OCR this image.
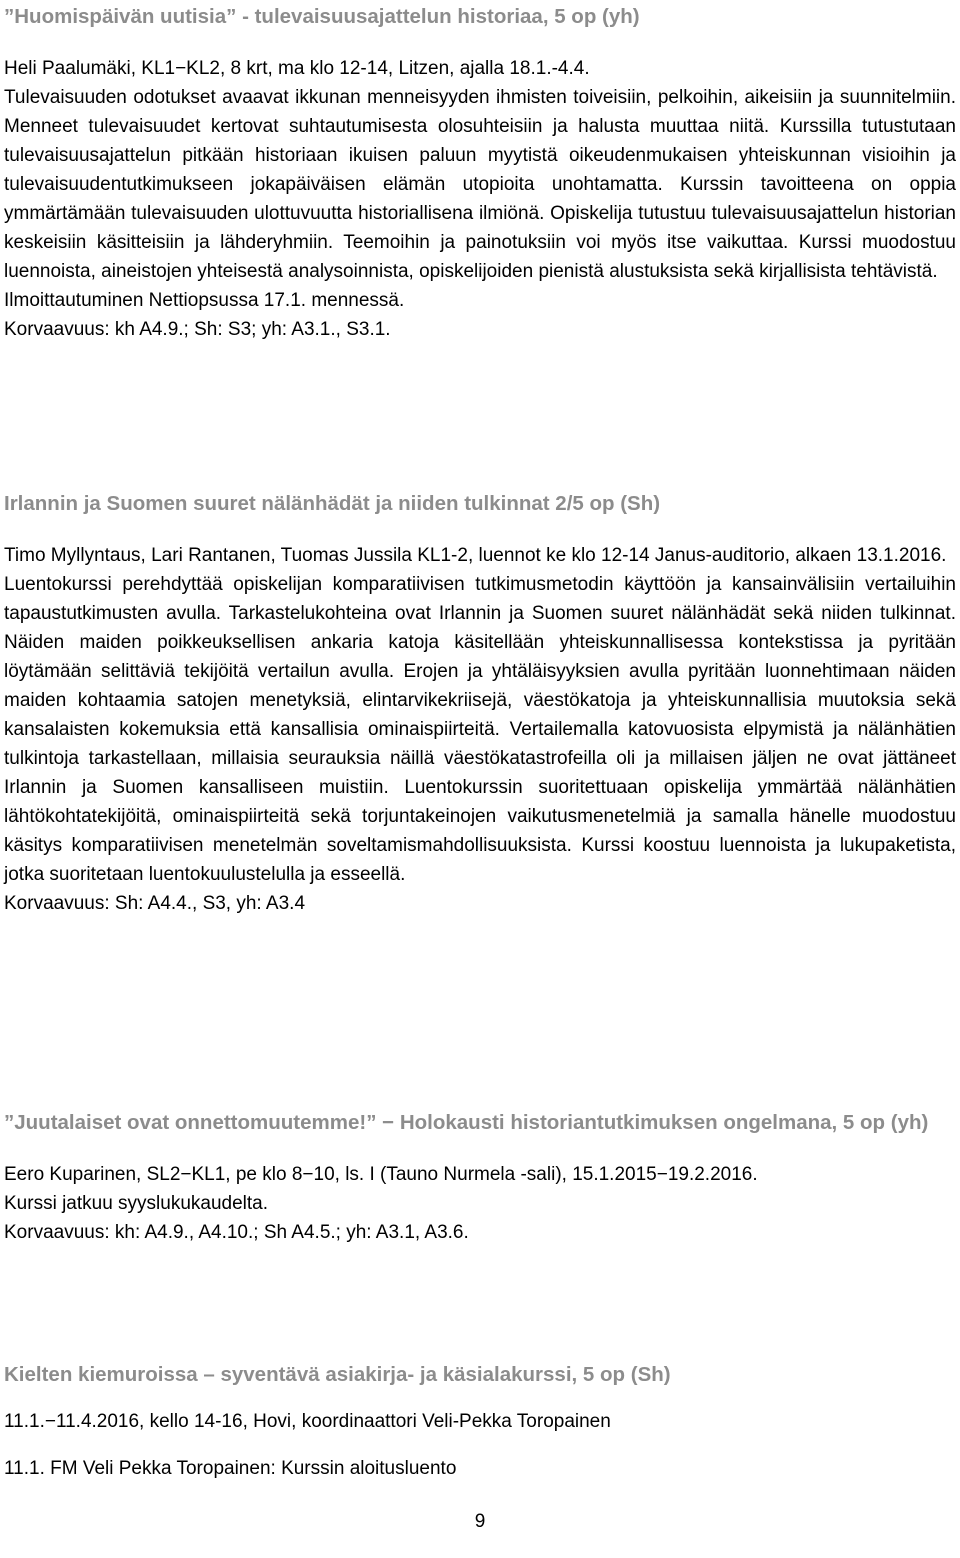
”Huomispäivän uutisia” - tulevaisuusajattelun historiaa, 5 op (yh)

Heli Paalumäki, KL1−KL2, 8 krt, ma klo 12-14, Litzen, ajalla 18.1.-4.4.

Tulevaisuuden odotukset avaavat ikkunan menneisyyden ihmisten toiveisiin, pelkoihin, aikeisiin ja suunnitelmiin. Menneet tulevaisuudet kertovat suhtautumisesta olosuhteisiin ja halusta muuttaa niitä. Kurssilla tutustutaan tulevaisuusajattelun pitkään historiaan ikuisen paluun myytistä oikeudenmukaisen yhteiskunnan visioihin ja tulevaisuudentutkimukseen jokapäiväisen elämän utopioita unohtamatta. Kurssin tavoitteena on oppia ymmärtämään tulevaisuuden ulottuvuutta historiallisena ilmiönä. Opiskelija tutustuu tulevaisuusajattelun historian keskeisiin käsitteisiin ja lähderyhmiin. Teemoihin ja painotuksiin voi myös itse vaikuttaa. Kurssi muodostuu luennoista, aineistojen yhteisestä analysoinnista, opiskelijoiden pienistä alustuksista sekä kirjallisista tehtävistä.

Ilmoittautuminen Nettiopsussa 17.1. mennessä.

Korvaavuus: kh A4.9.; Sh: S3; yh: A3.1., S3.1.

Irlannin ja Suomen suuret nälänhädät ja niiden tulkinnat 2/5 op (Sh)

Timo Myllyntaus, Lari Rantanen, Tuomas Jussila KL1-2, luennot ke klo 12-14 Janus-auditorio, alkaen 13.1.2016.

Luentokurssi perehdyttää opiskelijan komparatiivisen tutkimusmetodin käyttöön ja kansainvälisiin vertailuihin tapaustutkimusten avulla. Tarkastelukohteina ovat Irlannin ja Suomen suuret nälänhädät sekä niiden tulkinnat. Näiden maiden poikkeuksellisen ankaria katoja käsitellään yhteiskunnallisessa kontekstissa ja pyritään löytämään selittäviä tekijöitä vertailun avulla. Erojen ja yhtäläisyyksien avulla pyritään luonnehtimaan näiden maiden kohtaamia satojen menetyksiä, elintarvikekriisejä, väestökatoja ja yhteiskunnallisia muutoksia sekä kansalaisten kokemuksia että kansallisia ominaispiirteitä. Vertailemalla katovuosista elpymistä ja nälänhätien tulkintoja tarkastellaan, millaisia seurauksia näillä väestökatastrofeilla oli ja millaisen jäljen ne ovat jättäneet Irlannin ja Suomen kansalliseen muistiin. Luentokurssin suoritettuaan opiskelija ymmärtää nälänhätien lähtökohtatekijöitä, ominaispiirteitä sekä torjuntakeinojen vaikutusmenetelmiä ja samalla hänelle muodostuu käsitys komparatiivisen menetelmän soveltamismahdollisuuksista. Kurssi koostuu luennoista ja lukupaketista, jotka suoritetaan luentokuulustelulla ja esseellä.

Korvaavuus: Sh: A4.4., S3, yh: A3.4

”Juutalaiset ovat onnettomuutemme!” − Holokausti historiantutkimuksen ongelmana, 5 op (yh)

Eero Kuparinen, SL2−KL1, pe klo 8−10, ls. I (Tauno Nurmela -sali), 15.1.2015−19.2.2016.

Kurssi jatkuu syyslukukaudelta.

Korvaavuus: kh: A4.9., A4.10.; Sh A4.5.; yh: A3.1, A3.6.

Kielten kiemuroissa – syventävä asiakirja- ja käsialakurssi, 5 op (Sh)

11.1.−11.4.2016, kello 14-16, Hovi, koordinaattori Veli-Pekka Toropainen

11.1. FM Veli Pekka Toropainen: Kurssin aloitusluento

9
